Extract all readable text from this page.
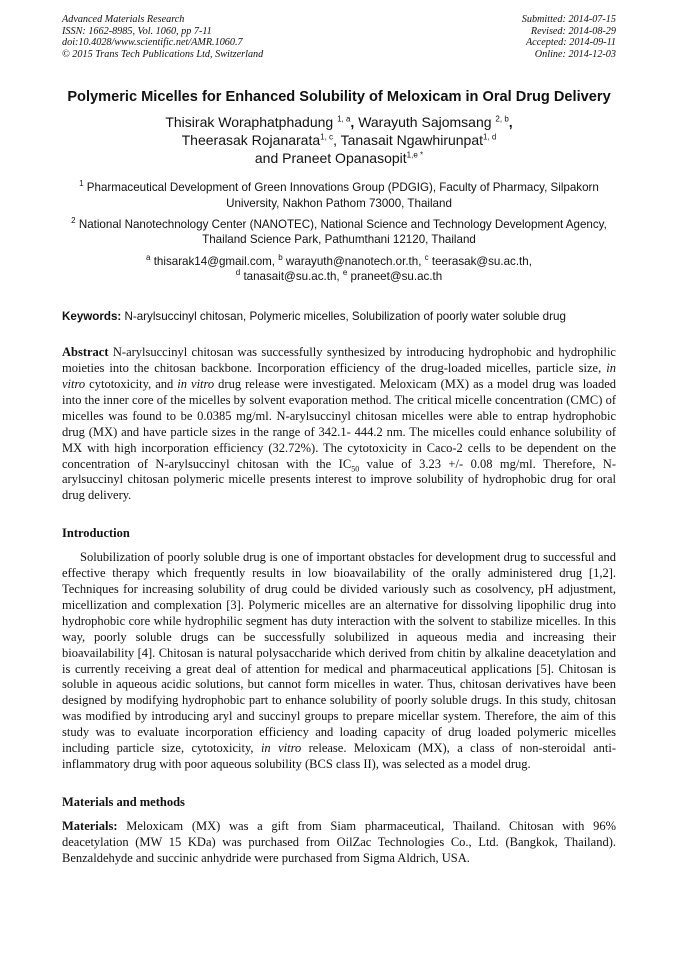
Advanced Materials Research
ISSN: 1662-8985, Vol. 1060, pp 7-11
doi:10.4028/www.scientific.net/AMR.1060.7
© 2015 Trans Tech Publications Ltd, Switzerland
Submitted: 2014-07-15
Revised: 2014-08-29
Accepted: 2014-09-11
Online: 2014-12-03
Polymeric Micelles for Enhanced Solubility of Meloxicam in Oral Drug Delivery
Thisirak Woraphatphadung $^{1, a}$, Warayuth Sajomsang $^{2, b}$,
Theerasak Rojanarata$^{1, c}$, Tanasait Ngawhirunpat$^{1, d}$
and Praneet Opanasopit$^{1,e *}$

$^1$ Pharmaceutical Development of Green Innovations Group (PDGIG), Faculty of Pharmacy, Silpakorn University, Nakhon Pathom 73000, Thailand

$^2$ National Nanotechnology Center (NANOTEC), National Science and Technology Development Agency, Thailand Science Park, Pathumthani 12120, Thailand

$^a$ thisarak14@gmail.com, $^b$ warayuth@nanotech.or.th, $^c$ teerasak@su.ac.th,
$^d$ tanasait@su.ac.th, $^e$ praneet@su.ac.th
Keywords: N-arylsuccinyl chitosan, Polymeric micelles, Solubilization of poorly water soluble drug
Abstract N-arylsuccinyl chitosan was successfully synthesized by introducing hydrophobic and hydrophilic moieties into the chitosan backbone. Incorporation efficiency of the drug-loaded micelles, particle size, in vitro cytotoxicity, and in vitro drug release were investigated. Meloxicam (MX) as a model drug was loaded into the inner core of the micelles by solvent evaporation method. The critical micelle concentration (CMC) of micelles was found to be 0.0385 mg/ml. N-arylsuccinyl chitosan micelles were able to entrap hydrophobic drug (MX) and have particle sizes in the range of 342.1- 444.2 nm. The micelles could enhance solubility of MX with high incorporation efficiency (32.72%). The cytotoxicity in Caco-2 cells to be dependent on the concentration of N-arylsuccinyl chitosan with the $IC_{50}$ value of 3.23 +/- 0.08 mg/ml. Therefore, N-arylsuccinyl chitosan polymeric micelle presents interest to improve solubility of hydrophobic drug for oral drug delivery.
Introduction
Solubilization of poorly soluble drug is one of important obstacles for development drug to successful and effective therapy which frequently results in low bioavailability of the orally administered drug [1,2]. Techniques for increasing solubility of drug could be divided variously such as cosolvency, pH adjustment, micellization and complexation [3]. Polymeric micelles are an alternative for dissolving lipophilic drug into hydrophobic core while hydrophilic segment has duty interaction with the solvent to stabilize micelles. In this way, poorly soluble drugs can be successfully solubilized in aqueous media and increasing their bioavailability [4]. Chitosan is natural polysaccharide which derived from chitin by alkaline deacetylation and is currently receiving a great deal of attention for medical and pharmaceutical applications [5]. Chitosan is soluble in aqueous acidic solutions, but cannot form micelles in water. Thus, chitosan derivatives have been designed by modifying hydrophobic part to enhance solubility of poorly soluble drugs. In this study, chitosan was modified by introducing aryl and succinyl groups to prepare micellar system. Therefore, the aim of this study was to evaluate incorporation efficiency and loading capacity of drug loaded polymeric micelles including particle size, cytotoxicity, in vitro release. Meloxicam (MX), a class of non-steroidal anti-inflammatory drug with poor aqueous solubility (BCS class II), was selected as a model drug.
Materials and methods
Materials: Meloxicam (MX) was a gift from Siam pharmaceutical, Thailand. Chitosan with 96% deacetylation (MW 15 KDa) was purchased from OilZac Technologies Co., Ltd. (Bangkok, Thailand). Benzaldehyde and succinic anhydride were purchased from Sigma Aldrich, USA.
